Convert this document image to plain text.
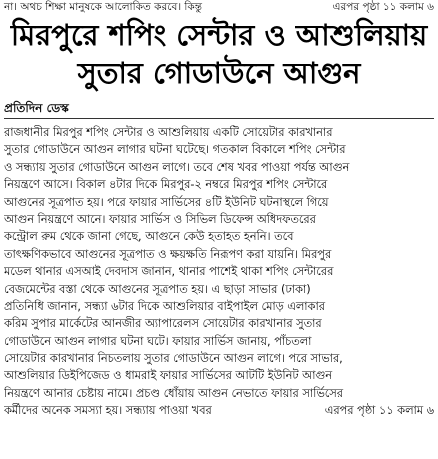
না। অথচ শিক্ষা মানুষকে আলোকিত করবে। কিন্তু	এরপর পৃষ্ঠা ১১ কলাম ৬
মিরপুরে শপিং সেন্টার ও আশুলিয়ায়
সুতার গোডাউনে আগুন
প্রতিদিন ডেস্ক

রাজধানীর মিরপুর শপিং সেন্টার ও আশুলিয়ায় একটি সোয়েটার কারখানার

সুতার গোডাউনে আগুন লাগার ঘটনা ঘটেছে। গতকাল বিকালে শপিং সেন্টার

ও সন্ধ্যায় সুতার গোডাউনে আগুন লাগে। তবে শেষ খবর পাওয়া পর্যন্ত আগুন

নিয়ন্ত্রণে আসে। বিকাল ৪টার দিকে মিরপুর-২ নম্বরে মিরপুর শপিং সেন্টারে

আগুনের সূত্রপাত হয়। পরে ফায়ার সার্ভিসের ৪টি ইউনিট ঘটনাস্থলে গিয়ে

আগুন নিয়ন্ত্রণে আনে। ফায়ার সার্ভিস ও সিভিল ডিফেন্স অধিদফতরের

কন্ট্রোল রুম থেকে জানা গেছে, আগুনে কেউ হতাহত হননি। তবে

তাৎক্ষণিকভাবে আগুনের সূত্রপাত ও ক্ষয়ক্ষতি নিরূপণ করা যায়নি। মিরপুর

মডেল থানার এসআই দেবদাস জানান, থানার পাশেই থাকা শপিং সেন্টারের

বেজমেন্টের বস্তা থেকে আগুনের সূত্রপাত হয়। এ ছাড়া সাভার (ঢাকা)

প্রতিনিধি জানান, সন্ধ্যা ৬টার দিকে আশুলিয়ার বাইপাইল মোড় এলাকার

করিম সুপার মার্কেটের আনজীর অ্যাপারেলস সোয়েটার কারখানার সুতার

গোডাউনে আগুন লাগার ঘটনা ঘটে। ফায়ার সার্ভিস জানায়, পাঁচতলা

সোয়েটার কারখানার নিচতলায় সুতার গোডাউনে আগুন লাগে। পরে সাভার,

আশুলিয়ার ডিইপিজেড ও ধামরাই ফায়ার সার্ভিসের আটটি ইউনিট আগুন

নিয়ন্ত্রণে আনার চেষ্টায় নামে। প্রচণ্ড ধোঁয়ায় আগুন নেভাতে ফায়ার সার্ভিসের

কর্মীদের অনেক সমস্যা হয়। সন্ধ্যায় পাওয়া খবর	এরপর পৃষ্ঠা ১১ কলাম ৬
